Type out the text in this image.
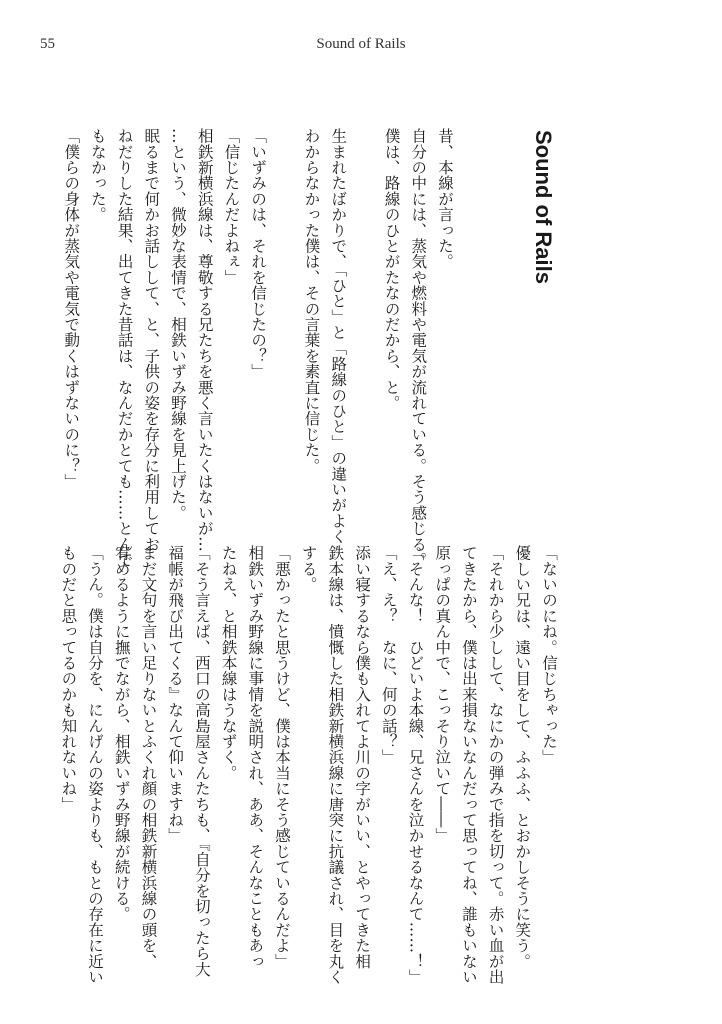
55	Sound of Rails
Sound of Rails
昔、本線が言った。
自分の中には、蒸気や燃料や電気が流れている。そう感じる。
僕は、路線のひとがたなのだから、と。
生まれたばかりで、「ひと」と「路線のひと」の違いがよく
わからなかった僕は、その言葉を素直に信じた。
「いずみのは、それを信じたの？」
「信じたんだよねぇ」
相鉄新横浜線は、尊敬する兄たちを悪く言いたくはないが…
…という、微妙な表情で、相鉄いずみ野線を見上げた。
眠るまで何かお話しして、と、子供の姿を存分に利用してお
ねだりした結果、出てきた昔話は、なんだかとても……とんで
もなかった。
「僕らの身体が蒸気や電気で動くはずないのに？」
「ないのにね。信じちゃった」
優しい兄は、遠い目をして、ふふふ、とおかしそうに笑う。
「それから少しして、なにかの弾みで指を切って。赤い血が出
てきたから、僕は出来損ないなんだって思ってね、誰もいない
原っぱの真ん中で、こっそり泣いて――」
「そんな！　ひどいよ本線、兄さんを泣かせるなんて……！」
「え、え？　なに、何の話？」
添い寝するなら僕も入れてよ川の字がいい、とやってきた相
鉄本線は、憤慨した相鉄新横浜線に唐突に抗議され、目を丸く
する。
「悪かったと思うけど、僕は本当にそう感じているんだよ」
相鉄いずみ野線に事情を説明され、ああ、そんなこともあっ
たねえ、と相鉄本線はうなずく。
「そう言えば、西口の高島屋さんたちも、『自分を切ったら大
福帳が飛び出てくる』なんて仰いますね」
まだ文句を言い足りないとふくれ顔の相鉄新横浜線の頭を、
宥めるように撫でながら、相鉄いずみ野線が続ける。
「うん。僕は自分を、にんげんの姿よりも、もとの存在に近い
ものだと思ってるのかも知れないね」
